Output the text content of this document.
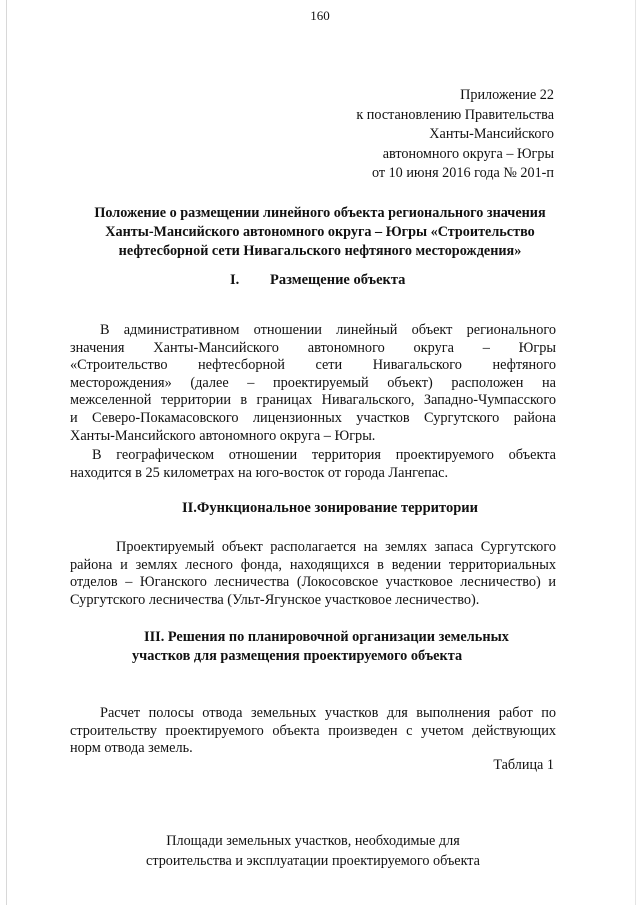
160
Приложение 22
к постановлению Правительства
Ханты-Мансийского
автономного округа – Югры
от 10 июня 2016 года № 201-п
Положение о размещении линейного объекта регионального значения
Ханты-Мансийского автономного округа – Югры «Строительство
нефтесборной сети Нивагальского нефтяного месторождения»
I. Размещение объекта
В административном отношении линейный объект регионального
значения Ханты-Мансийского автономного округа – Югры
«Строительство нефтесборной сети Нивагальского нефтяного
месторождения» (далее – проектируемый объект) расположен на
межселенной территории в границах Нивагальского, Западно-Чумпасского
и Северо-Покамасовского лицензионных участков Сургутского района
Ханты-Мансийского автономного округа – Югры.
В географическом отношении территория проектируемого объекта
находится в 25 километрах на юго-восток от города Лангепас.
II.Функциональное зонирование территории
Проектируемый объект располагается на землях запаса Сургутского
района и землях лесного фонда, находящихся в ведении территориальных
отделов – Юганского лесничества (Локосовское участковое лесничество) и
Сургутского лесничества (Ульт-Ягунское участковое лесничество).
III. Решения по планировочной организации земельных
участков для размещения проектируемого объекта
Расчет полосы отвода земельных участков для выполнения работ по
строительству проектируемого объекта произведен с учетом действующих
норм отвода земель.
Таблица 1
Площади земельных участков, необходимые для
строительства и эксплуатации проектируемого объекта
